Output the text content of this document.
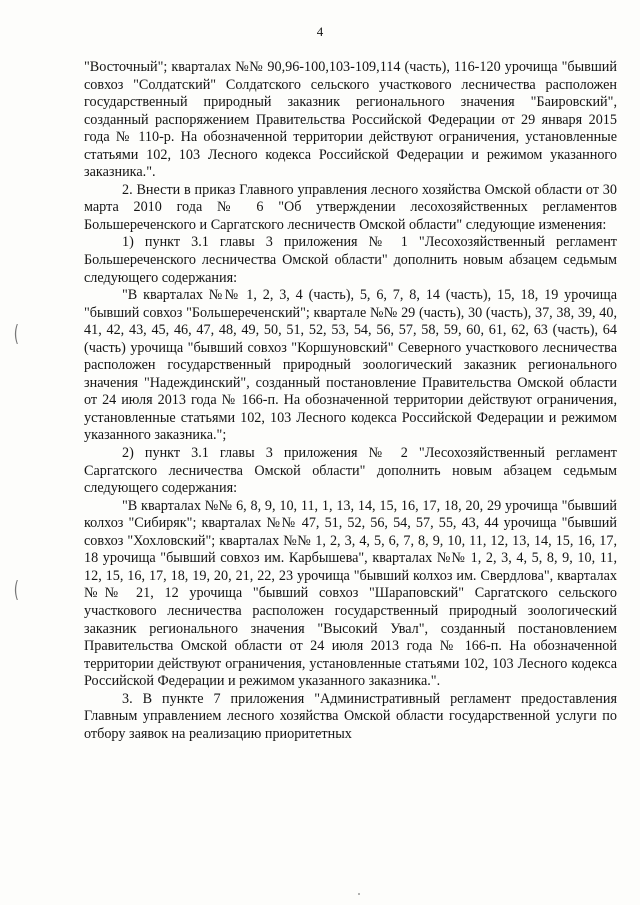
4
(
(

"Восточный"; кварталах №№ 90,96-100,103-109,114 (часть), 116-120 урочища "бывший совхоз "Солдатский" Солдатского сельского участкового лесничества расположен государственный природный заказник регионального значения "Баировский", созданный распоряжением Правительства Российской Федерации от 29 января 2015 года № 110-р. На обозначенной территории действуют ограничения, установленные статьями 102, 103 Лесного кодекса Российской Федерации и режимом указанного заказника.".

2. Внести в приказ Главного управления лесного хозяйства Омской области от 30 марта 2010 года № 6 "Об утверждении лесохозяйственных регламентов Большереченского и Саргатского лесничеств Омской области" следующие изменения:

1) пункт 3.1 главы 3 приложения № 1 "Лесохозяйственный регламент Большереченского лесничества Омской области" дополнить новым абзацем седьмым следующего содержания:

"В кварталах №№ 1, 2, 3, 4 (часть), 5, 6, 7, 8, 14 (часть), 15, 18, 19 урочища "бывший совхоз "Большереченский"; квартале №№ 29 (часть), 30 (часть), 37, 38, 39, 40, 41, 42, 43, 45, 46, 47, 48, 49, 50, 51, 52, 53, 54, 56, 57, 58, 59, 60, 61, 62, 63 (часть), 64 (часть) урочища "бывший совхоз "Коршуновский" Северного участкового лесничества расположен государственный природный зоологический заказник регионального значения "Надеждинский", созданный постановление Правительства Омской области от 24 июля 2013 года № 166-п. На обозначенной территории действуют ограничения, установленные статьями 102, 103 Лесного кодекса Российской Федерации и режимом указанного заказника.";

2) пункт 3.1 главы 3 приложения № 2 "Лесохозяйственный регламент Саргатского лесничества Омской области" дополнить новым абзацем седьмым следующего содержания:

"В кварталах №№ 6, 8, 9, 10, 11, 1, 13, 14, 15, 16, 17, 18, 20, 29 урочища "бывший колхоз "Сибиряк"; кварталах №№ 47, 51, 52, 56, 54, 57, 55, 43, 44 урочища "бывший совхоз "Хохловский"; кварталах №№ 1, 2, 3, 4, 5, 6, 7, 8, 9, 10, 11, 12, 13, 14, 15, 16, 17, 18 урочища "бывший совхоз им. Карбышева", кварталах №№ 1, 2, 3, 4, 5, 8, 9, 10, 11, 12, 15, 16, 17, 18, 19, 20, 21, 22, 23 урочища "бывший колхоз им. Свердлова", кварталах №№ 21, 12 урочища "бывший совхоз "Шараповский" Саргатского сельского участкового лесничества расположен государственный природный зоологический заказник регионального значения "Высокий Увал", созданный постановлением Правительства Омской области от 24 июля 2013 года № 166-п. На обозначенной территории действуют ограничения, установленные статьями 102, 103 Лесного кодекса Российской Федерации и режимом указанного заказника.".

3. В пункте 7 приложения "Административный регламент предоставления Главным управлением лесного хозяйства Омской области государственной услуги по отбору заявок на реализацию приоритетных
